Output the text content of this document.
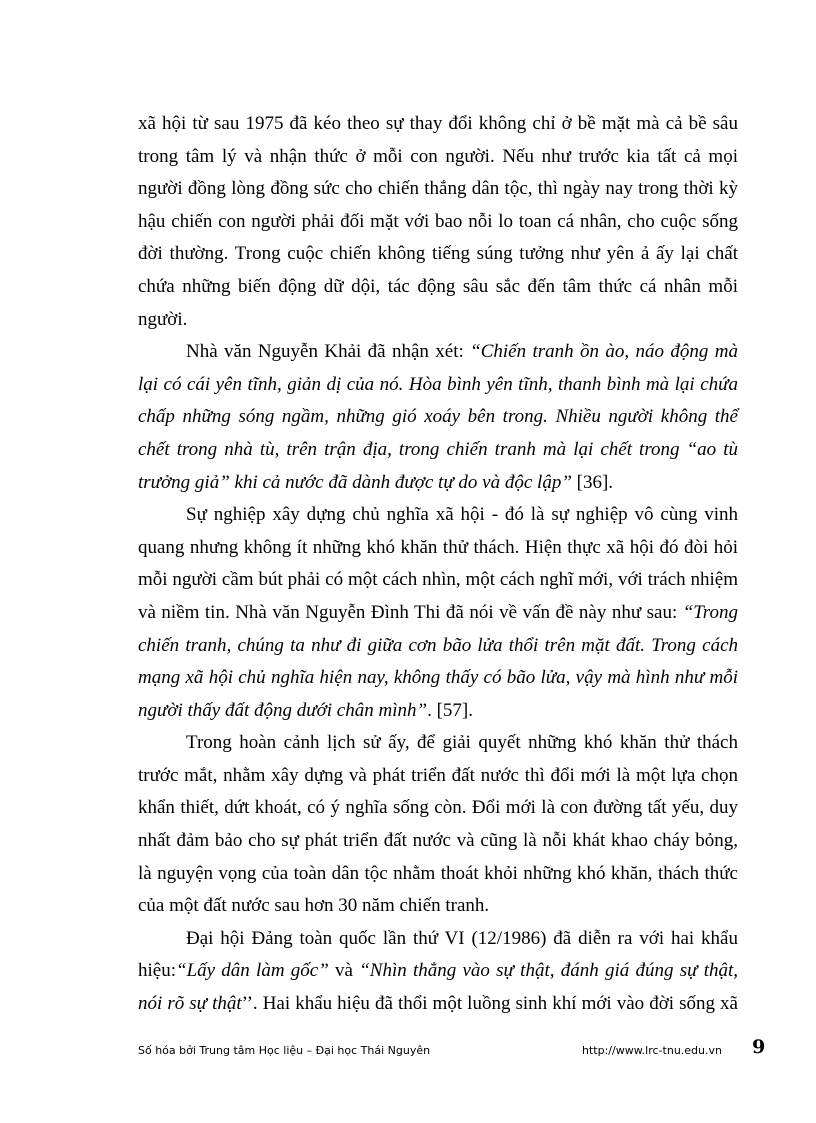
xã hội từ sau 1975 đã kéo theo sự thay đổi không chỉ ở bề mặt mà cả bề sâu trong tâm lý và nhận thức ở mỗi con người. Nếu như trước kia tất cả mọi người đồng lòng đồng sức cho chiến thắng dân tộc, thì ngày nay trong thời kỳ hậu chiến con người phải đối mặt với bao nỗi lo toan cá nhân, cho cuộc sống đời thường. Trong cuộc chiến không tiếng súng tưởng như yên ả ấy lại chất chứa những biến động dữ dội, tác động sâu sắc đến tâm thức cá nhân mỗi người.

Nhà văn Nguyễn Khải đã nhận xét: “Chiến tranh ồn ào, náo động mà lại có cái yên tĩnh, giản dị của nó. Hòa bình yên tĩnh, thanh bình mà lại chứa chấp những sóng ngầm, những gió xoáy bên trong. Nhiều người không thể chết trong nhà tù, trên trận địa, trong chiến tranh mà lại chết trong “ao tù trưởng giả” khi cả nước đã dành được tự do và độc lập” [36].

Sự nghiệp xây dựng chủ nghĩa xã hội - đó là sự nghiệp vô cùng vinh quang nhưng không ít những khó khăn thử thách. Hiện thực xã hội đó đòi hỏi mỗi người cầm bút phải có một cách nhìn, một cách nghĩ mới, với trách nhiệm và niềm tin. Nhà văn Nguyễn Đình Thi đã nói về vấn đề này như sau: “Trong chiến tranh, chúng ta như đi giữa cơn bão lửa thổi trên mặt đất. Trong cách mạng xã hội chủ nghĩa hiện nay, không thấy có bão lửa, vậy mà hình như mỗi người thấy đất động dưới chân mình”. [57].

Trong hoàn cảnh lịch sử ấy, để giải quyết những khó khăn thử thách trước mắt, nhằm xây dựng và phát triển đất nước thì đổi mới là một lựa chọn khẩn thiết, dứt khoát, có ý nghĩa sống còn. Đổi mới là con đường tất yếu, duy nhất đảm bảo cho sự phát triển đất nước và cũng là nỗi khát khao cháy bỏng, là nguyện vọng của toàn dân tộc nhằm thoát khỏi những khó khăn, thách thức của một đất nước sau hơn 30 năm chiến tranh.

Đại hội Đảng toàn quốc lần thứ VI (12/1986) đã diễn ra với hai khẩu hiệu:“Lấy dân làm gốc” và “Nhìn thẳng vào sự thật, đánh giá đúng sự thật, nói rõ sự thật’’. Hai khẩu hiệu đã thổi một luồng sinh khí mới vào đời sống xã

Số hóa bởi Trung tâm Học liệu – Đại học Thái Nguyên	http://www.lrc-tnu.edu.vn 9
